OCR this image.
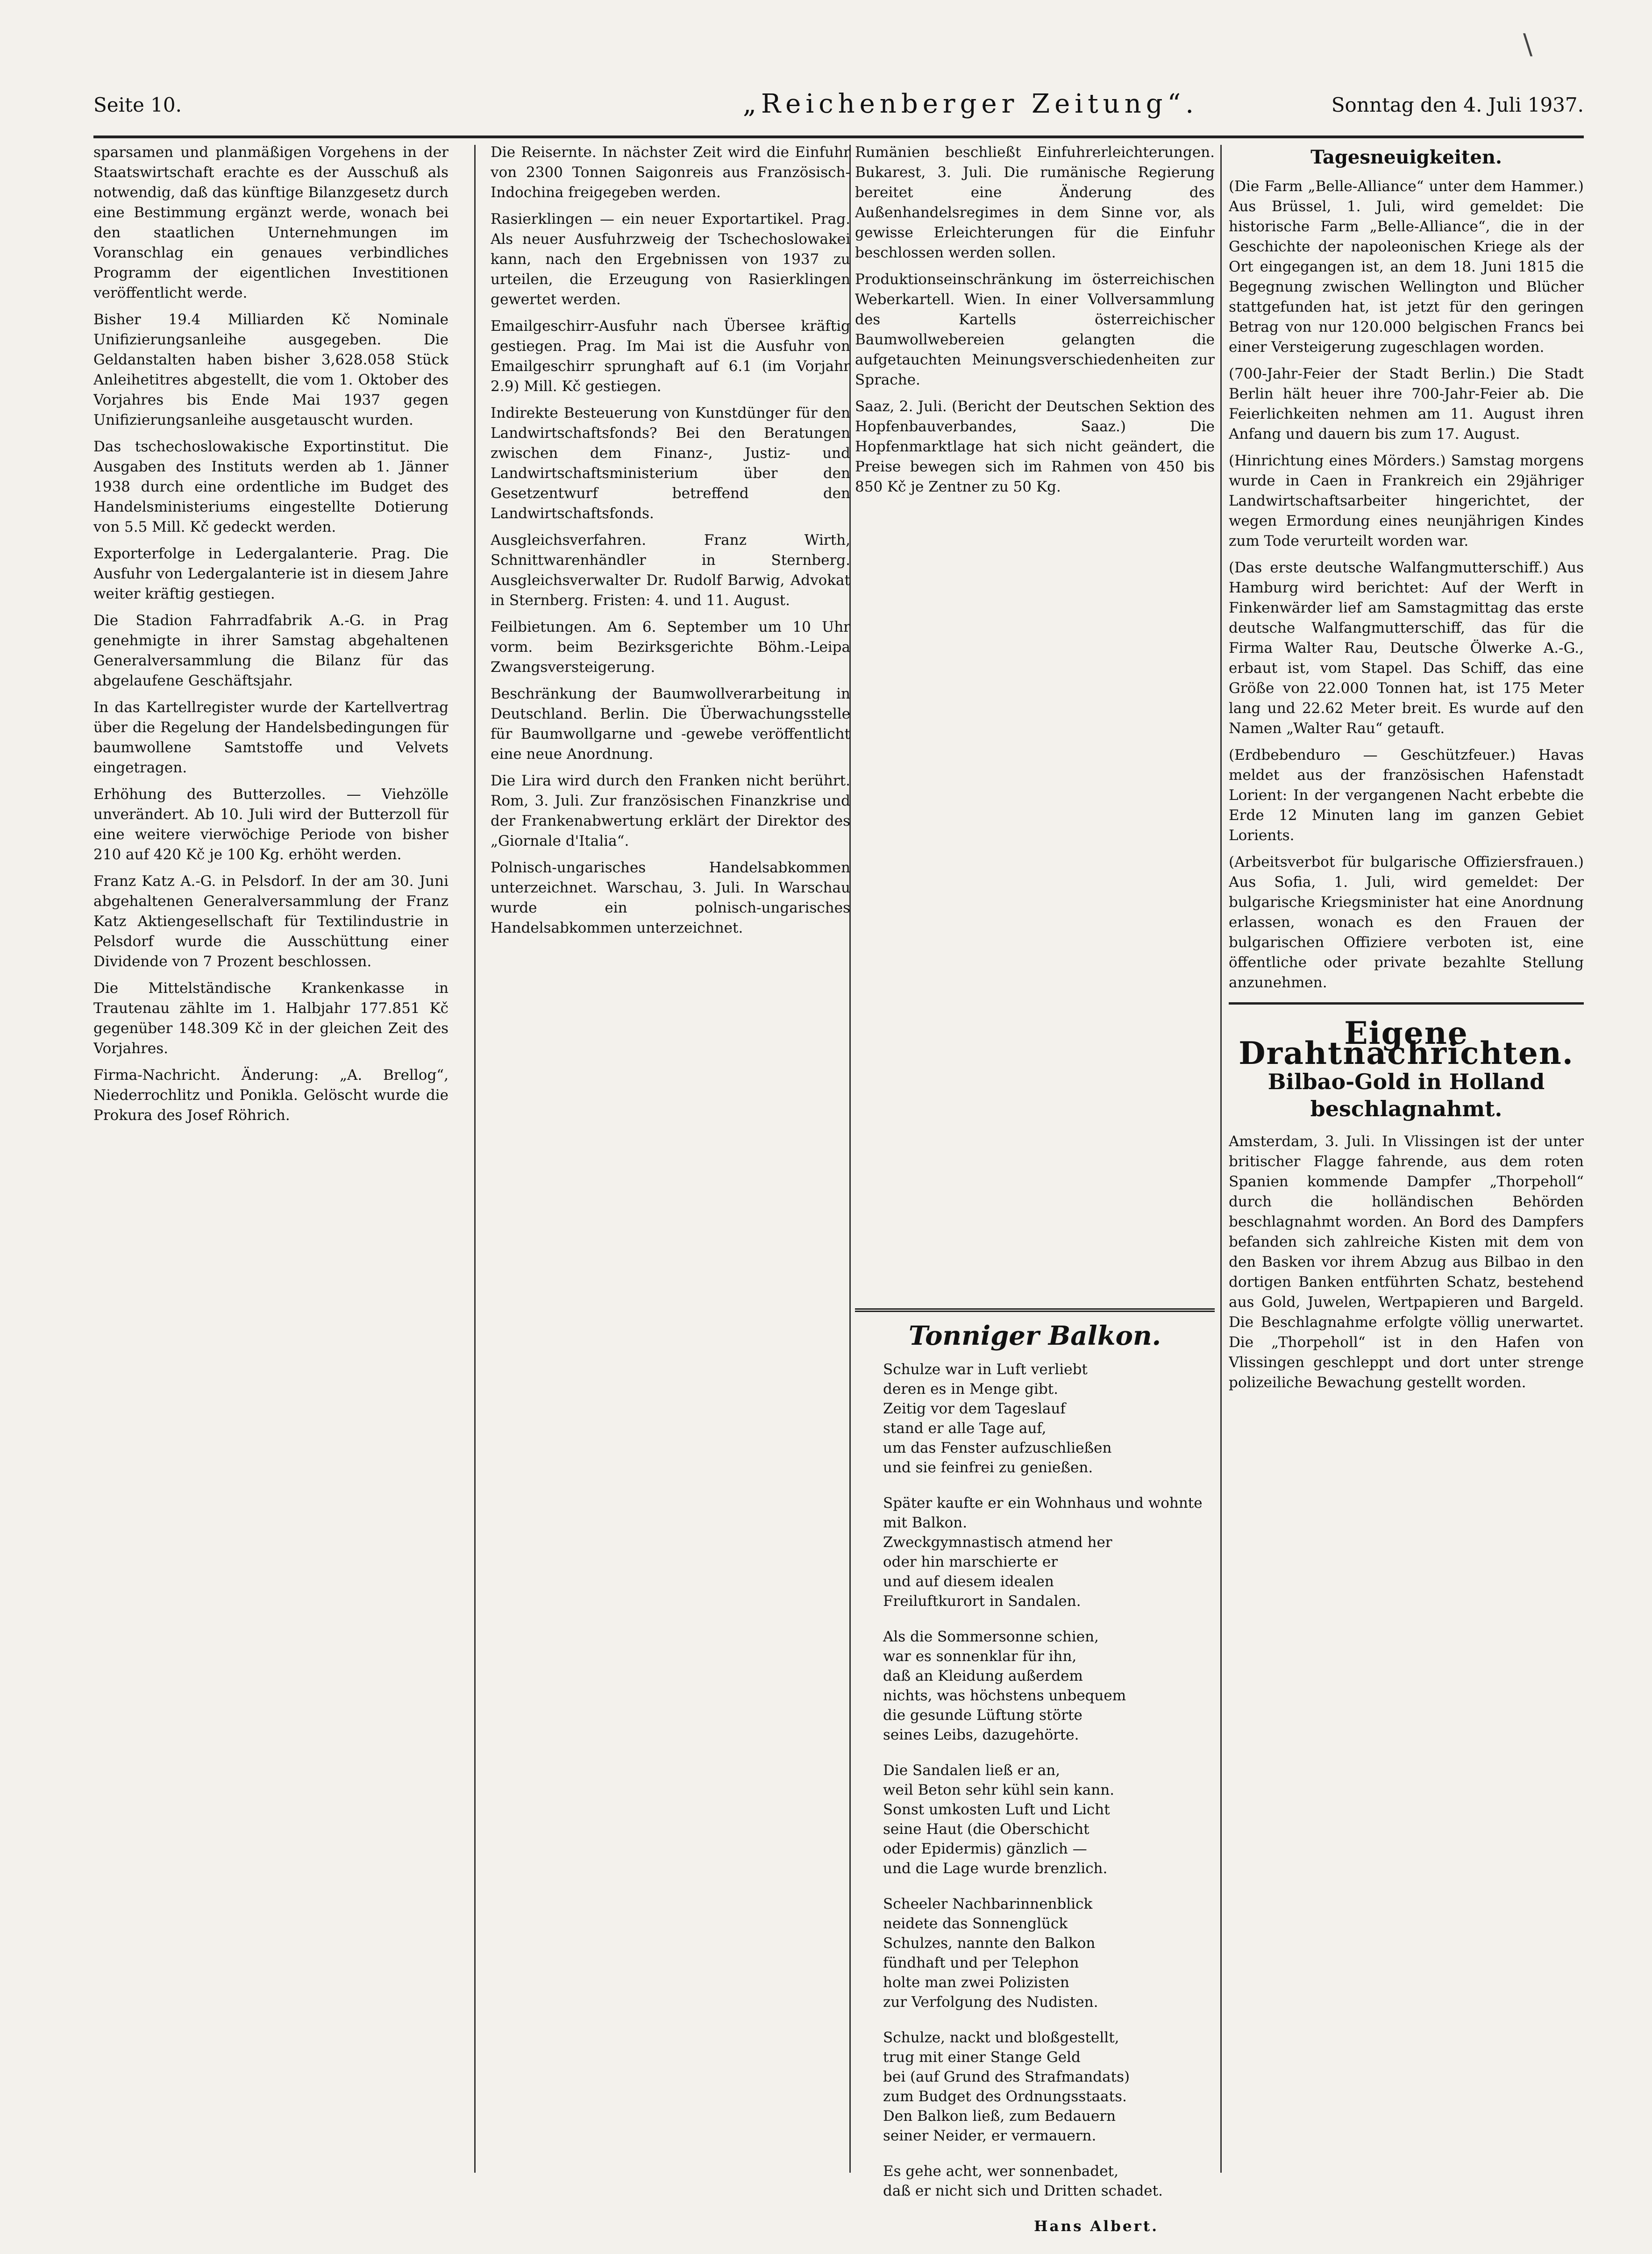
\
Seite 10.	„Reichenberger Zeitung“.	Sonntag den 4. Juli 1937.

sparsamen und planmäßigen Vorgehens in der Staatswirtschaft erachte es der Ausschuß als notwendig, daß das künftige Bilanzgesetz durch eine Bestimmung ergänzt werde, wonach bei den staatlichen Unternehmungen im Voranschlag ein genaues verbindliches Programm der eigentlichen Investitionen veröffentlicht werde.

Bisher 19.4 Milliarden Kč Nominale Unifizierungsanleihe ausgegeben. Die Geldanstalten haben bisher 3,628.058 Stück Anleihetitres abgestellt, die vom 1. Oktober des Vorjahres bis Ende Mai 1937 gegen Unifizierungsanleihe ausgetauscht wurden.

Das tschechoslowakische Exportinstitut. Die Ausgaben des Instituts werden ab 1. Jänner 1938 durch eine ordentliche im Budget des Handelsministeriums eingestellte Dotierung von 5.5 Mill. Kč gedeckt werden.

Exporterfolge in Ledergalanterie. Prag. Die Ausfuhr von Ledergalanterie ist in diesem Jahre weiter kräftig gestiegen.

Die Stadion Fahrradfabrik A.-G. in Prag genehmigte in ihrer Samstag abgehaltenen Generalversammlung die Bilanz für das abgelaufene Geschäftsjahr.

In das Kartellregister wurde der Kartellvertrag über die Regelung der Handelsbedingungen für baumwollene Samtstoffe und Velvets eingetragen.

Erhöhung des Butterzolles. — Viehzölle unverändert. Ab 10. Juli wird der Butterzoll für eine weitere vierwöchige Periode von bisher 210 auf 420 Kč je 100 Kg. erhöht werden.

Franz Katz A.-G. in Pelsdorf. In der am 30. Juni abgehaltenen Generalversammlung der Franz Katz Aktiengesellschaft für Textilindustrie in Pelsdorf wurde die Ausschüttung einer Dividende von 7 Prozent beschlossen.

Die Mittelständische Krankenkasse in Trautenau zählte im 1. Halbjahr 177.851 Kč gegenüber 148.309 Kč in der gleichen Zeit des Vorjahres.

Firma-Nachricht. Änderung: „A. Brellog“, Niederrochlitz und Ponikla. Gelöscht wurde die Prokura des Josef Röhrich.

Die Reisernte. In nächster Zeit wird die Einfuhr von 2300 Tonnen Saigonreis aus Französisch-Indochina freigegeben werden.

Rasierklingen — ein neuer Exportartikel. Prag. Als neuer Ausfuhrzweig der Tschechoslowakei kann, nach den Ergebnissen von 1937 zu urteilen, die Erzeugung von Rasierklingen gewertet werden.

Emailgeschirr-Ausfuhr nach Übersee kräftig gestiegen. Prag. Im Mai ist die Ausfuhr von Emailgeschirr sprunghaft auf 6.1 (im Vorjahr 2.9) Mill. Kč gestiegen.

Indirekte Besteuerung von Kunstdünger für den Landwirtschaftsfonds? Bei den Beratungen zwischen dem Finanz-, Justiz- und Landwirtschaftsministerium über den Gesetzentwurf betreffend den Landwirtschaftsfonds.

Ausgleichsverfahren. Franz Wirth, Schnittwarenhändler in Sternberg. Ausgleichsverwalter Dr. Rudolf Barwig, Advokat in Sternberg. Fristen: 4. und 11. August.

Feilbietungen. Am 6. September um 10 Uhr vorm. beim Bezirksgerichte Böhm.-Leipa Zwangsversteigerung.

Beschränkung der Baumwollverarbeitung in Deutschland. Berlin. Die Überwachungsstelle für Baumwollgarne und -gewebe veröffentlicht eine neue Anordnung.

Die Lira wird durch den Franken nicht berührt. Rom, 3. Juli. Zur französischen Finanzkrise und der Frankenabwertung erklärt der Direktor des „Giornale d'Italia“.

Polnisch-ungarisches Handelsabkommen unterzeichnet. Warschau, 3. Juli. In Warschau wurde ein polnisch-ungarisches Handelsabkommen unterzeichnet.

Rumänien beschließt Einfuhrerleichterungen. Bukarest, 3. Juli. Die rumänische Regierung bereitet eine Änderung des Außenhandelsregimes in dem Sinne vor, als gewisse Erleichterungen für die Einfuhr beschlossen werden sollen.

Produktionseinschränkung im österreichischen Weberkartell. Wien. In einer Vollversammlung des Kartells österreichischer Baumwollwebereien gelangten die aufgetauchten Meinungsverschiedenheiten zur Sprache.

Saaz, 2. Juli. (Bericht der Deutschen Sektion des Hopfenbauverbandes, Saaz.) Die Hopfenmarktlage hat sich nicht geändert, die Preise bewegen sich im Rahmen von 450 bis 850 Kč je Zentner zu 50 Kg.

Tonniger Balkon.
Schulze war in Luft verliebt
deren es in Menge gibt.
Zeitig vor dem Tageslauf
stand er alle Tage auf,
um das Fenster aufzuschließen
und sie feinfrei zu genießen.
Später kaufte er ein Wohnhaus und wohnte mit Balkon.
Zweckgymnastisch atmend her
oder hin marschierte er
und auf diesem idealen
Freiluftkurort in Sandalen.
Als die Sommersonne schien,
war es sonnenklar für ihn,
daß an Kleidung außerdem
nichts, was höchstens unbequem
die gesunde Lüftung störte
seines Leibs, dazugehörte.
Die Sandalen ließ er an,
weil Beton sehr kühl sein kann.
Sonst umkosten Luft und Licht
seine Haut (die Oberschicht
oder Epidermis) gänzlich —
und die Lage wurde brenzlich.
Scheeler Nachbarinnenblick
neidete das Sonnenglück
Schulzes, nannte den Balkon
fündhaft und per Telephon
holte man zwei Polizisten
zur Verfolgung des Nudisten.
Schulze, nackt und bloßgestellt,
trug mit einer Stange Geld
bei (auf Grund des Strafmandats)
zum Budget des Ordnungsstaats.
Den Balkon ließ, zum Bedauern
seiner Neider, er vermauern.
Es gehe acht, wer sonnenbadet,
daß er nicht sich und Dritten schadet.
Hans Albert.
Tagesneuigkeiten.

(Die Farm „Belle-Alliance“ unter dem Hammer.) Aus Brüssel, 1. Juli, wird gemeldet: Die historische Farm „Belle-Alliance“, die in der Geschichte der napoleonischen Kriege als der Ort eingegangen ist, an dem 18. Juni 1815 die Begegnung zwischen Wellington und Blücher stattgefunden hat, ist jetzt für den geringen Betrag von nur 120.000 belgischen Francs bei einer Versteigerung zugeschlagen worden.

(700-Jahr-Feier der Stadt Berlin.) Die Stadt Berlin hält heuer ihre 700-Jahr-Feier ab. Die Feierlichkeiten nehmen am 11. August ihren Anfang und dauern bis zum 17. August.

(Hinrichtung eines Mörders.) Samstag morgens wurde in Caen in Frankreich ein 29jähriger Landwirtschaftsarbeiter hingerichtet, der wegen Ermordung eines neunjährigen Kindes zum Tode verurteilt worden war.

(Das erste deutsche Walfangmutterschiff.) Aus Hamburg wird berichtet: Auf der Werft in Finkenwärder lief am Samstagmittag das erste deutsche Walfangmutterschiff, das für die Firma Walter Rau, Deutsche Ölwerke A.-G., erbaut ist, vom Stapel. Das Schiff, das eine Größe von 22.000 Tonnen hat, ist 175 Meter lang und 22.62 Meter breit. Es wurde auf den Namen „Walter Rau“ getauft.

(Erdbebenduro — Geschützfeuer.) Havas meldet aus der französischen Hafenstadt Lorient: In der vergangenen Nacht erbebte die Erde 12 Minuten lang im ganzen Gebiet Lorients.

(Arbeitsverbot für bulgarische Offiziersfrauen.) Aus Sofia, 1. Juli, wird gemeldet: Der bulgarische Kriegsminister hat eine Anordnung erlassen, wonach es den Frauen der bulgarischen Offiziere verboten ist, eine öffentliche oder private bezahlte Stellung anzunehmen.

Eigene Drahtnachrichten.
Bilbao-Gold in Holland beschlagnahmt.

Amsterdam, 3. Juli. In Vlissingen ist der unter britischer Flagge fahrende, aus dem roten Spanien kommende Dampfer „Thorpeholl“ durch die holländischen Behörden beschlagnahmt worden. An Bord des Dampfers befanden sich zahlreiche Kisten mit dem von den Basken vor ihrem Abzug aus Bilbao in den dortigen Banken entführten Schatz, bestehend aus Gold, Juwelen, Wertpapieren und Bargeld. Die Beschlagnahme erfolgte völlig unerwartet. Die „Thorpeholl“ ist in den Hafen von Vlissingen geschleppt und dort unter strenge polizeiliche Bewachung gestellt worden.
